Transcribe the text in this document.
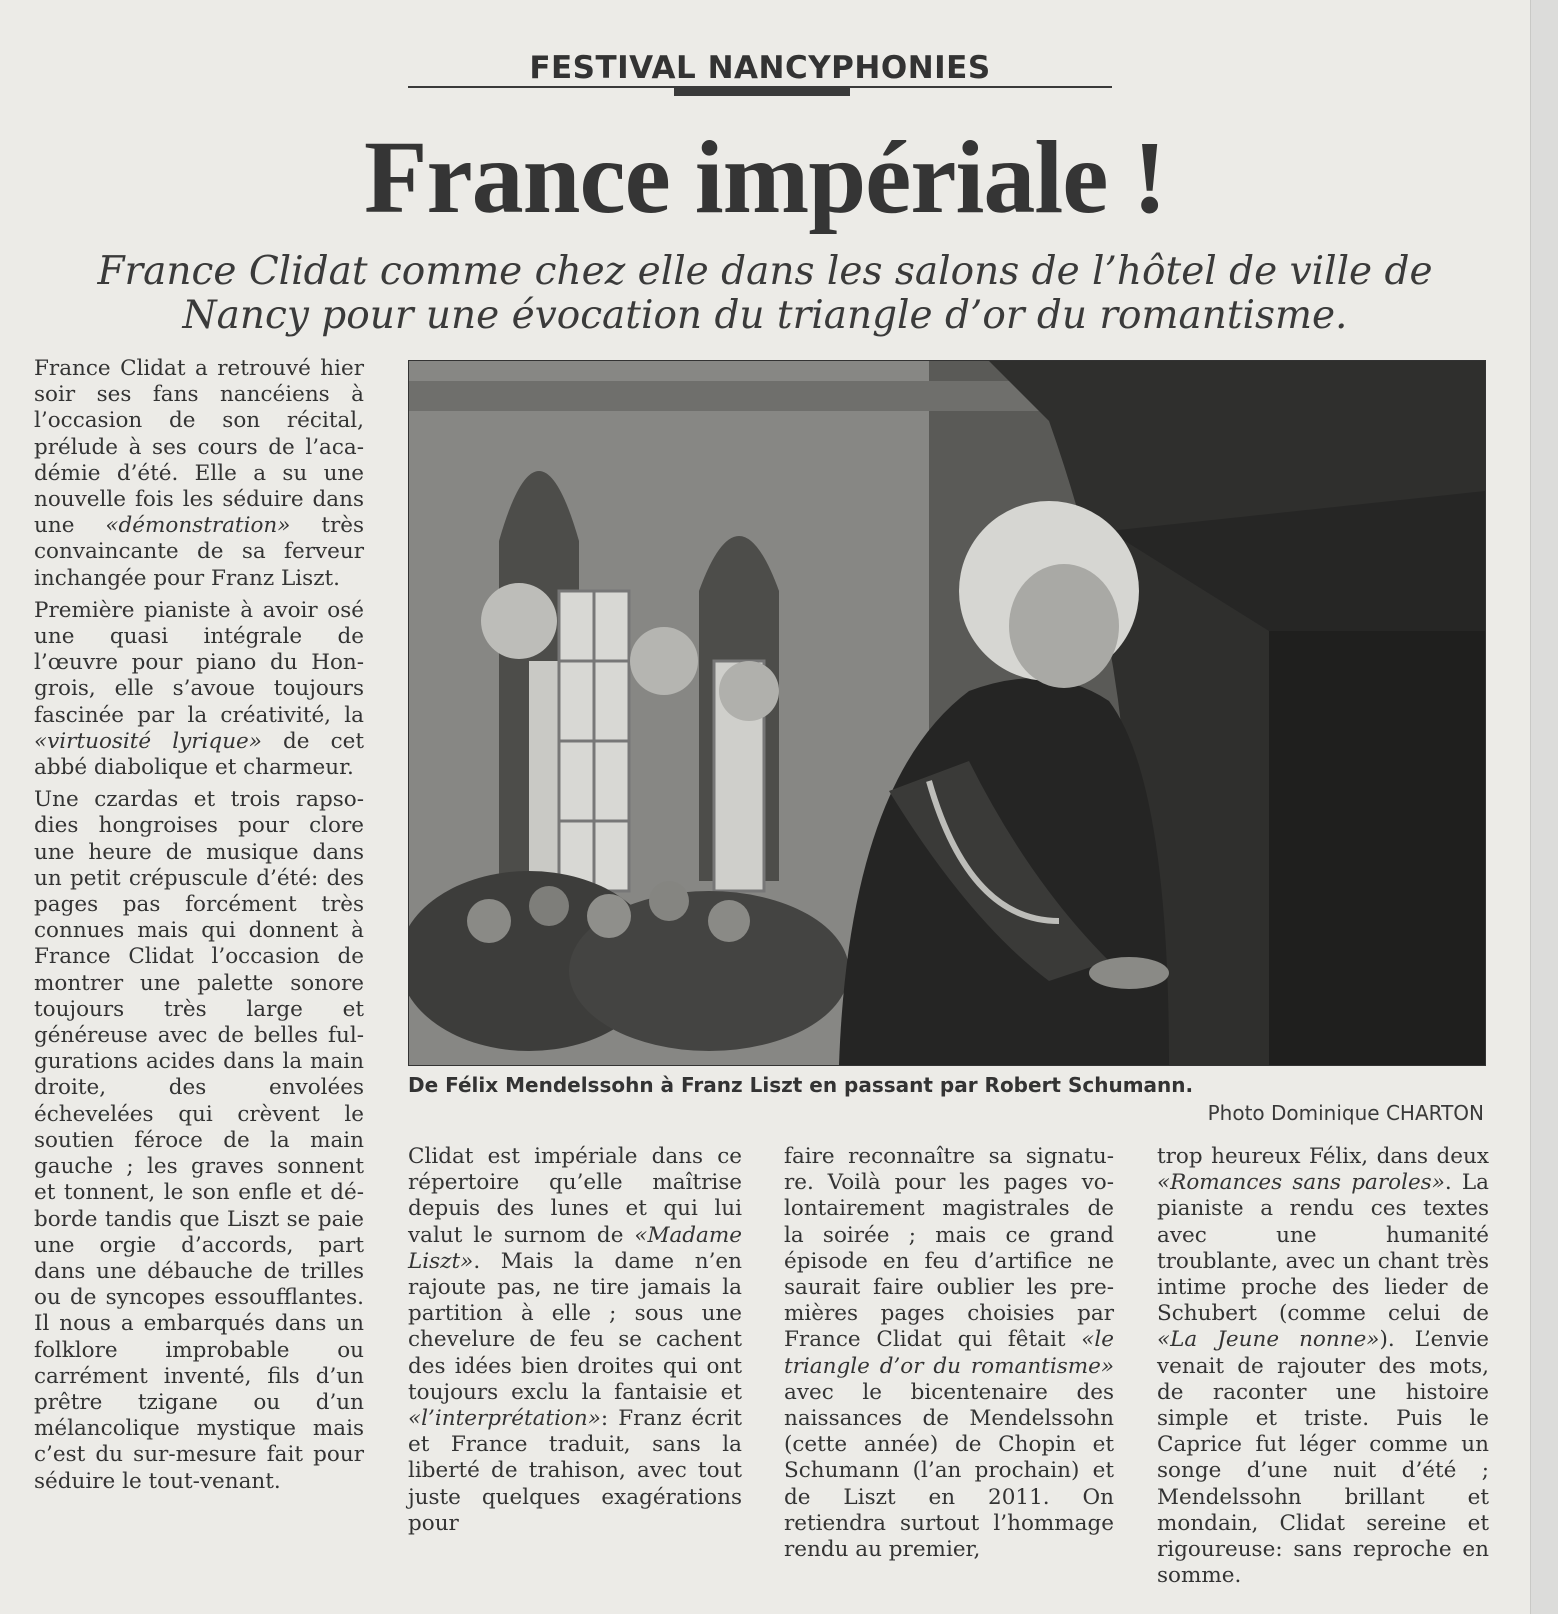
FESTIVAL NANCYPHONIES
France impériale !
France Clidat comme chez elle dans les salons de l’hôtel de ville de Nancy pour une évocation du triangle d’or du romantisme.

France Clidat a retrouvé hier soir ses fans nancéiens à l’occasion de son récital, prélude à ses cours de l’académie d’été. Elle a su une nouvelle fois les séduire dans une «démonstration» très convaincante de sa ferveur inchangée pour Franz Liszt.

Première pianiste à avoir osé une quasi intégrale de l’œuvre pour piano du Hongrois, elle s’avoue toujours fascinée par la créativité, la «virtuosité lyrique» de cet abbé diabolique et charmeur.

Une czardas et trois rapsodies hongroises pour clore une heure de musique dans un petit crépuscule d’été: des pages pas forcément très connues mais qui donnent à France Clidat l’occasion de montrer une palette sonore toujours très large et généreuse avec de belles fulgurations acides dans la main droite, des envolées échevelées qui crèvent le soutien féroce de la main gauche ; les graves sonnent et tonnent, le son enfle et déborde tandis que Liszt se paie une orgie d’accords, part dans une débauche de trilles ou de syncopes essoufflantes. Il nous a embarqués dans un folklore improbable ou carrément inventé, fils d’un prêtre tzigane ou d’un mélancolique mystique mais c’est du sur-mesure fait pour séduire le tout-venant.

De Félix Mendelssohn à Franz Liszt en passant par Robert Schumann.
Photo Dominique CHARTON

Clidat est impériale dans ce répertoire qu’elle maîtrise depuis des lunes et qui lui valut le surnom de «Madame Liszt». Mais la dame n’en rajoute pas, ne tire jamais la partition à elle ; sous une chevelure de feu se cachent des idées bien droites qui ont toujours exclu la fantaisie et «l’interprétation»: Franz écrit et France traduit, sans la liberté de trahison, avec tout juste quelques exagérations pour

faire reconnaître sa signature. Voilà pour les pages volontairement magistrales de la soirée ; mais ce grand épisode en feu d’artifice ne saurait faire oublier les premières pages choisies par France Clidat qui fêtait «le triangle d’or du romantisme» avec le bicentenaire des naissances de Mendelssohn (cette année) de Chopin et Schumann (l’an prochain) et de Liszt en 2011. On retiendra surtout l’hommage rendu au premier,

trop heureux Félix, dans deux «Romances sans paroles». La pianiste a rendu ces textes avec une humanité troublante, avec un chant très intime proche des lieder de Schubert (comme celui de «La Jeune nonne»). L’envie venait de rajouter des mots, de raconter une histoire simple et triste. Puis le Caprice fut léger comme un songe d’une nuit d’été ; Mendelssohn brillant et mondain, Clidat sereine et rigoureuse: sans reproche en somme.
